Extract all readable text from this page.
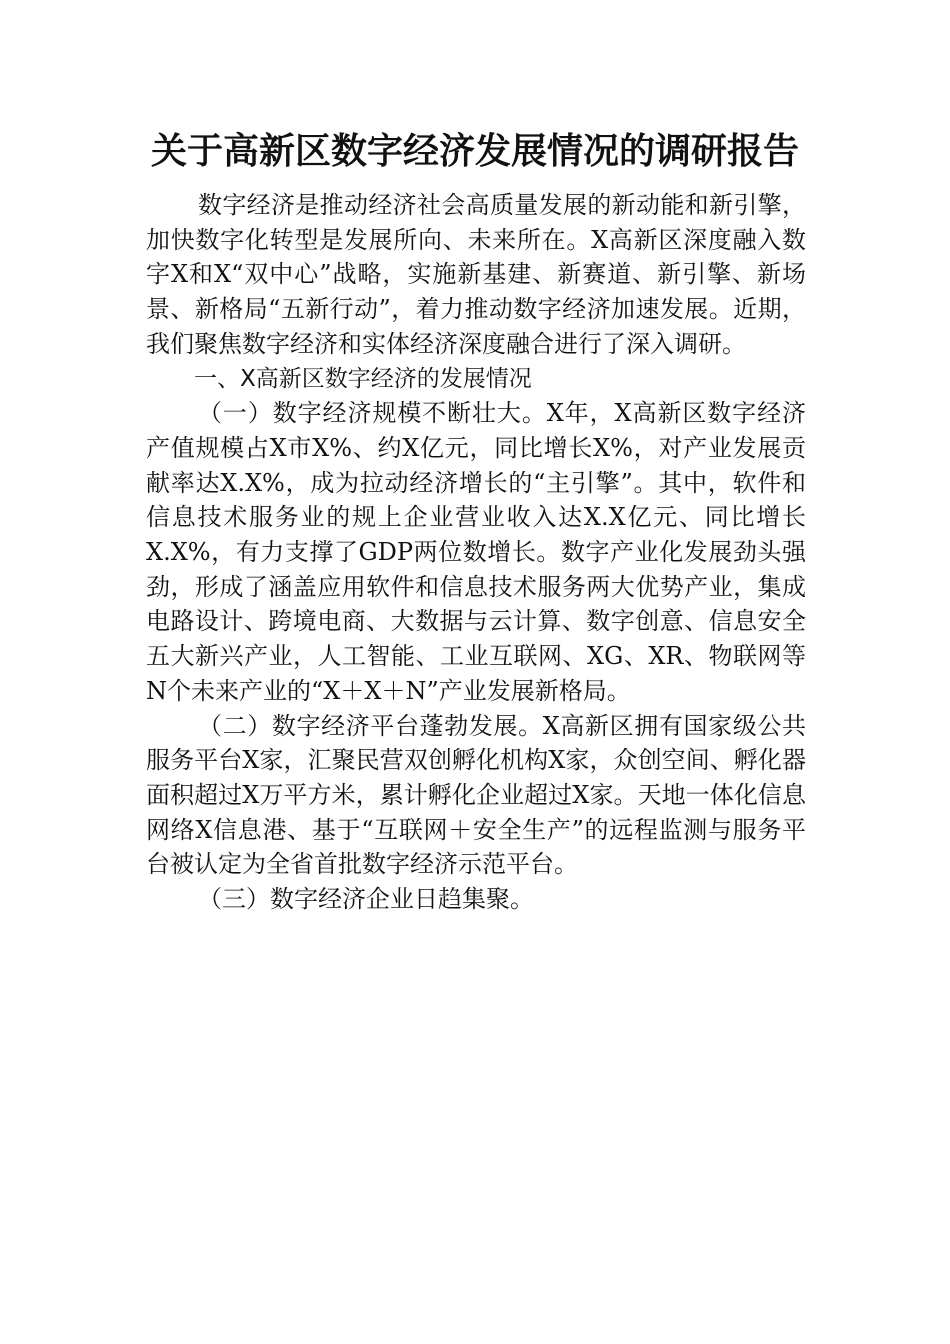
关于高新区数字经济发展情况的调研报告

数字经济是推动经济社会高质量发展的新动能和新引擎，加快数字化转型是发展所向、未来所在。X高新区深度融入数字X和X“双中心”战略，实施新基建、新赛道、新引擎、新场景、新格局“五新行动”，着力推动数字经济加速发展。近期，我们聚焦数字经济和实体经济深度融合进行了深入调研。

一、X高新区数字经济的发展情况

（一）数字经济规模不断壮大。X年，X高新区数字经济产值规模占X市X%、约X亿元，同比增长X%，对产业发展贡献率达X.X%，成为拉动经济增长的“主引擎”。其中，软件和信息技术服务业的规上企业营业收入达X.X亿元、同比增长X.X%，有力支撑了GDP两位数增长。数字产业化发展劲头强劲，形成了涵盖应用软件和信息技术服务两大优势产业，集成电路设计、跨境电商、大数据与云计算、数字创意、信息安全五大新兴产业，人工智能、工业互联网、XG、XR、物联网等N个未来产业的“X＋X＋N”产业发展新格局。

（二）数字经济平台蓬勃发展。X高新区拥有国家级公共服务平台X家，汇聚民营双创孵化机构X家，众创空间、孵化器面积超过X万平方米，累计孵化企业超过X家。天地一体化信息网络X信息港、基于“互联网＋安全生产”的远程监测与服务平台被认定为全省首批数字经济示范平台。

（三）数字经济企业日趋集聚。
